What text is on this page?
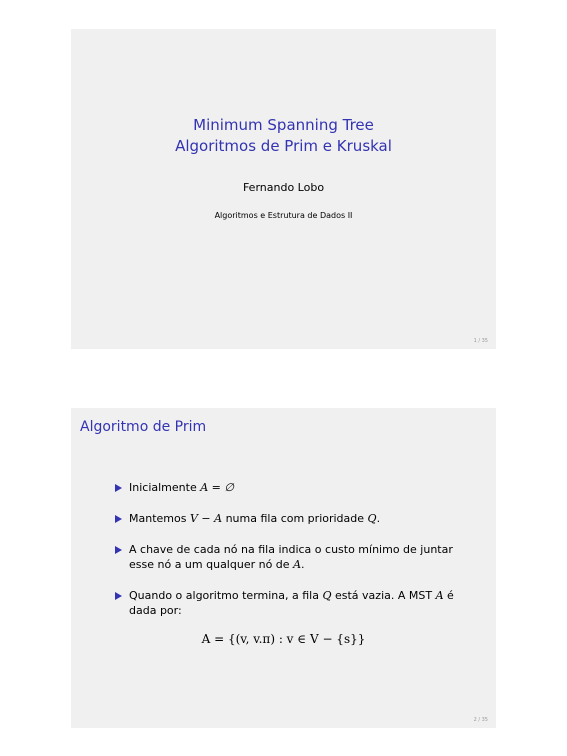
Minimum Spanning Tree
Algoritmos de Prim e Kruskal
Fernando Lobo
Algoritmos e Estrutura de Dados II
1 / 35
Algoritmo de Prim
Inicialmente A = ∅
Mantemos V − A numa fila com prioridade Q.
A chave de cada nó na fila indica o custo mínimo de juntar esse nó a um qualquer nó de A.
Quando o algoritmo termina, a fila Q está vazia. A MST A é dada por:
A = {(v, v.π) : v ∈ V − {s}}
2 / 35
